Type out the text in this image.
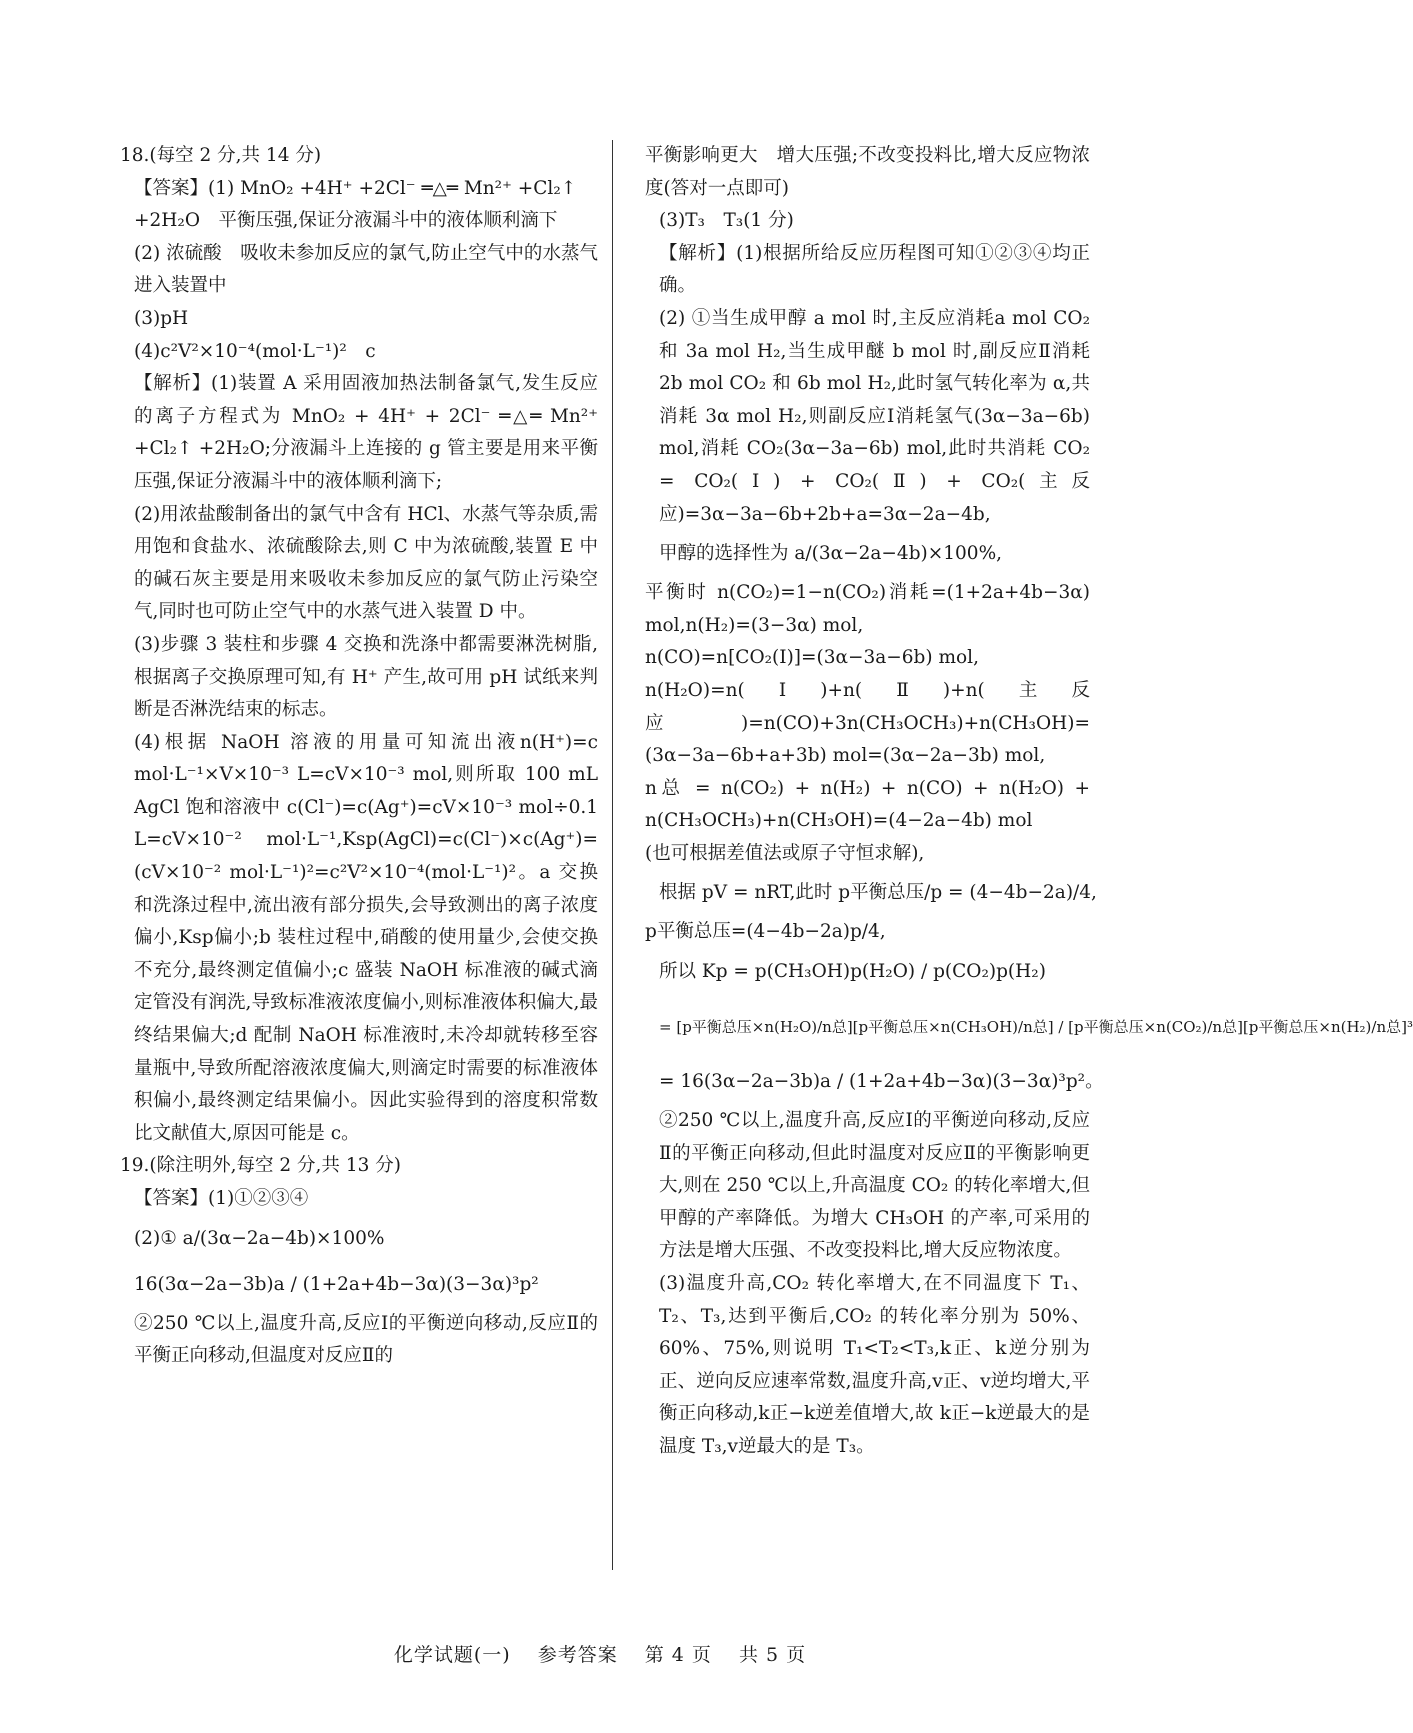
18.(每空 2 分,共 14 分)

【答案】(1) MnO₂ +4H⁺ +2Cl⁻ ═△═ Mn²⁺ +Cl₂↑

+2H₂O　平衡压强,保证分液漏斗中的液体顺利滴下

(2) 浓硫酸　吸收未参加反应的氯气,防止空气中的水蒸气进入装置中

(3)pH

(4)c²V²×10⁻⁴(mol·L⁻¹)²　c

【解析】(1)装置 A 采用固液加热法制备氯气,发生反应的离子方程式为 MnO₂ + 4H⁺ + 2Cl⁻ ═△═ Mn²⁺ +Cl₂↑ +2H₂O;分液漏斗上连接的 g 管主要是用来平衡压强,保证分液漏斗中的液体顺利滴下;

(2)用浓盐酸制备出的氯气中含有 HCl、水蒸气等杂质,需用饱和食盐水、浓硫酸除去,则 C 中为浓硫酸,装置 E 中的碱石灰主要是用来吸收未参加反应的氯气防止污染空气,同时也可防止空气中的水蒸气进入装置 D 中。

(3)步骤 3 装柱和步骤 4 交换和洗涤中都需要淋洗树脂,根据离子交换原理可知,有 H⁺ 产生,故可用 pH 试纸来判断是否淋洗结束的标志。

(4)根据 NaOH 溶液的用量可知流出液n(H⁺)=c mol·L⁻¹×V×10⁻³ L=cV×10⁻³ mol,则所取 100 mL AgCl 饱和溶液中 c(Cl⁻)=c(Ag⁺)=cV×10⁻³ mol÷0.1 L=cV×10⁻² mol·L⁻¹,Ksp(AgCl)=c(Cl⁻)×c(Ag⁺)=(cV×10⁻² mol·L⁻¹)²=c²V²×10⁻⁴(mol·L⁻¹)²。a 交换和洗涤过程中,流出液有部分损失,会导致测出的离子浓度偏小,Ksp偏小;b 装柱过程中,硝酸的使用量少,会使交换不充分,最终测定值偏小;c 盛装 NaOH 标准液的碱式滴定管没有润洗,导致标准液浓度偏小,则标准液体积偏大,最终结果偏大;d 配制 NaOH 标准液时,未冷却就转移至容量瓶中,导致所配溶液浓度偏大,则滴定时需要的标准液体积偏小,最终测定结果偏小。因此实验得到的溶度积常数比文献值大,原因可能是 c。

19.(除注明外,每空 2 分,共 13 分)

【答案】(1)①②③④

(2)① a/(3α−2a−4b)×100%

16(3α−2a−3b)a / (1+2a+4b−3α)(3−3α)³p²

②250 ℃以上,温度升高,反应Ⅰ的平衡逆向移动,反应Ⅱ的平衡正向移动,但温度对反应Ⅱ的

平衡影响更大　增大压强;不改变投料比,增大反应物浓度(答对一点即可)

(3)T₃　T₃(1 分)

【解析】(1)根据所给反应历程图可知①②③④均正确。

(2) ①当生成甲醇 a mol 时,主反应消耗a mol CO₂ 和 3a mol H₂,当生成甲醚 b mol 时,副反应Ⅱ消耗 2b mol CO₂ 和 6b mol H₂,此时氢气转化率为 α,共消耗 3α mol H₂,则副反应Ⅰ消耗氢气(3α−3a−6b) mol,消耗 CO₂(3α−3a−6b) mol,此时共消耗 CO₂ = CO₂(Ⅰ) + CO₂(Ⅱ) + CO₂(主反应)=3α−3a−6b+2b+a=3α−2a−4b,

甲醇的选择性为 a/(3α−2a−4b)×100%,

平衡时 n(CO₂)=1−n(CO₂)消耗=(1+2a+4b−3α) mol,n(H₂)=(3−3α) mol,

n(CO)=n[CO₂(Ⅰ)]=(3α−3a−6b) mol,

n(H₂O)=n(Ⅰ)+n(Ⅱ)+n(主反应)=n(CO)+3n(CH₃OCH₃)+n(CH₃OH)=(3α−3a−6b+a+3b) mol=(3α−2a−3b) mol,

n总 = n(CO₂) + n(H₂) + n(CO) + n(H₂O) + n(CH₃OCH₃)+n(CH₃OH)=(4−2a−4b) mol

(也可根据差值法或原子守恒求解),

根据 pV = nRT,此时 p平衡总压/p = (4−4b−2a)/4,

p平衡总压=(4−4b−2a)p/4,

所以 Kp = p(CH₃OH)p(H₂O) / p(CO₂)p(H₂)

= [p平衡总压×n(H₂O)/n总][p平衡总压×n(CH₃OH)/n总] / [p平衡总压×n(CO₂)/n总][p平衡总压×n(H₂)/n总]³

= 16(3α−2a−3b)a / (1+2a+4b−3α)(3−3α)³p²。

②250 ℃以上,温度升高,反应Ⅰ的平衡逆向移动,反应Ⅱ的平衡正向移动,但此时温度对反应Ⅱ的平衡影响更大,则在 250 ℃以上,升高温度 CO₂ 的转化率增大,但甲醇的产率降低。为增大 CH₃OH 的产率,可采用的方法是增大压强、不改变投料比,增大反应物浓度。

(3)温度升高,CO₂ 转化率增大,在不同温度下 T₁、T₂、T₃,达到平衡后,CO₂ 的转化率分别为 50%、60%、75%,则说明 T₁<T₂<T₃,k正、k逆分别为正、逆向反应速率常数,温度升高,v正、v逆均增大,平衡正向移动,k正−k逆差值增大,故 k正−k逆最大的是温度 T₃,v逆最大的是 T₃。

化学试题(一) 参考答案 第 4 页 共 5 页
